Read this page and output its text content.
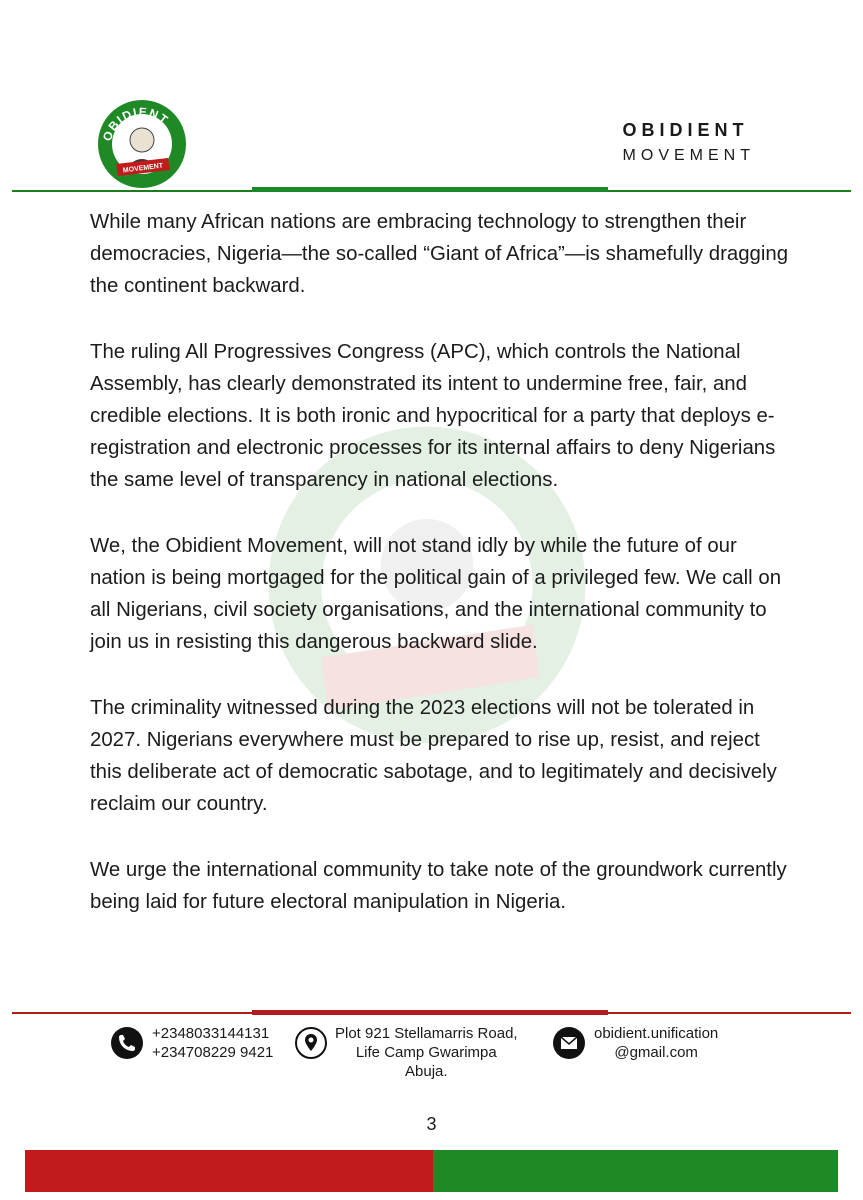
OBIDIENT
MOVEMENT
OBIDIENT
MOVEMENT

While many African nations are embracing technology to strengthen their democracies, Nigeria—the so-called “Giant of Africa”—is shamefully dragging the continent backward.

The ruling All Progressives Congress (APC), which controls the National Assembly, has clearly demonstrated its intent to undermine free, fair, and credible elections. It is both ironic and hypocritical for a party that deploys e-registration and electronic processes for its internal affairs to deny Nigerians the same level of transparency in national elections.

We, the Obidient Movement, will not stand idly by while the future of our nation is being mortgaged for the political gain of a privileged few. We call on all Nigerians, civil society organisations, and the international community to join us in resisting this dangerous backward slide.

The criminality witnessed during the 2023 elections will not be tolerated in 2027. Nigerians everywhere must be prepared to rise up, resist, and reject this deliberate act of democratic sabotage, and to legitimately and decisively reclaim our country.

We urge the international community to take note of the groundwork currently being laid for future electoral manipulation in Nigeria.

+2348033144131
+234708229 9421
Plot 921 Stellamarris Road,
Life Camp Gwarimpa
Abuja.
obidient.unification
@gmail.com
3
